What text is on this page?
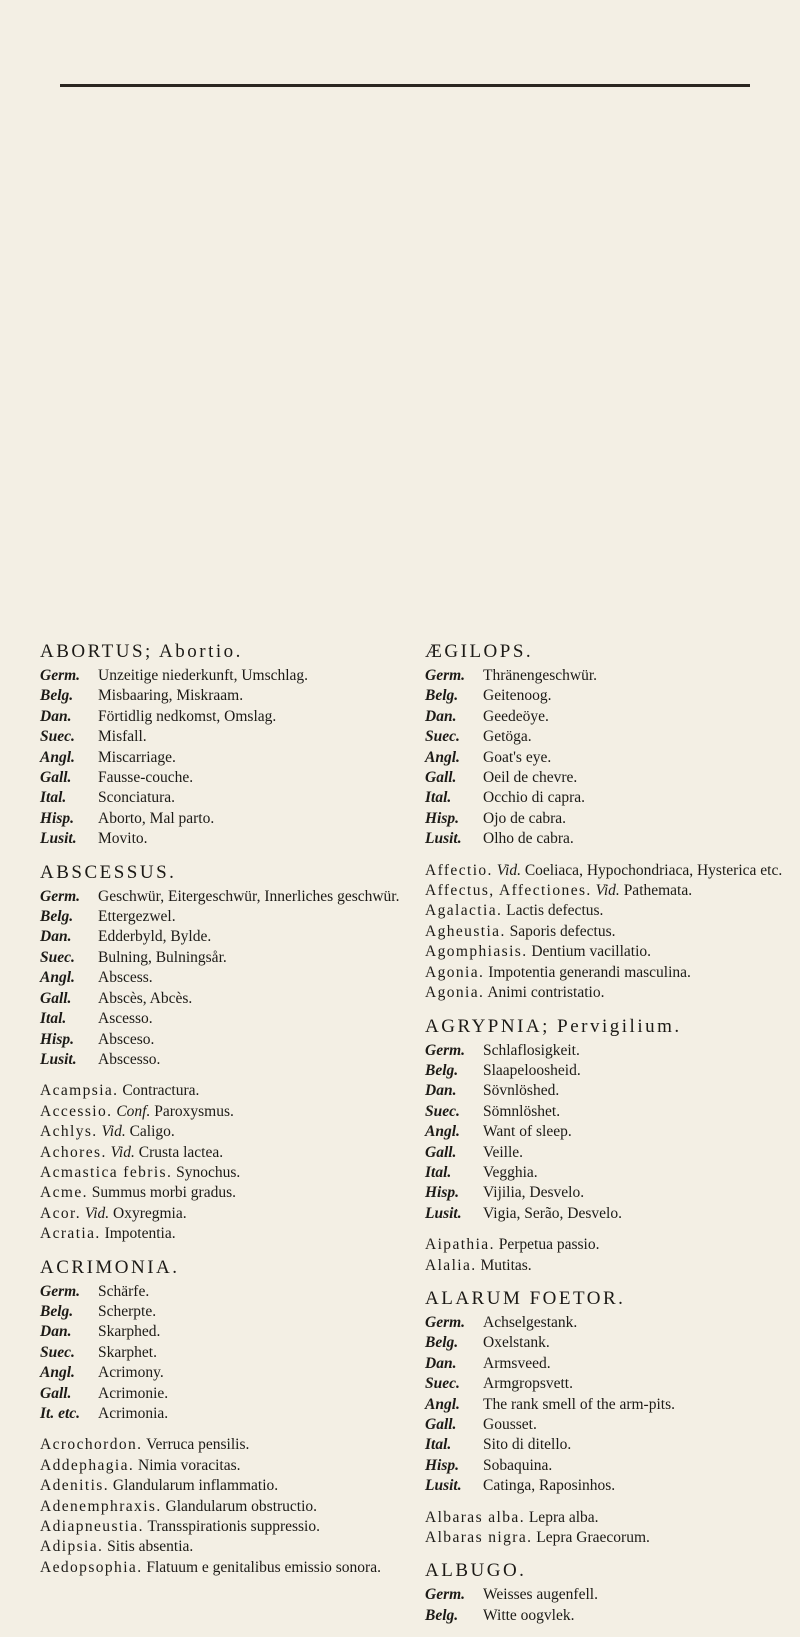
ABORTUS; Abortio.
Germ.	Unzeitige niederkunft, Umschlag.
Belg.	Misbaaring, Miskraam.
Dan.	Förtidlig nedkomst, Omslag.
Suec.	Misfall.
Angl.	Miscarriage.
Gall.	Fausse-couche.
Ital.	Sconciatura.
Hisp.	Aborto, Mal parto.
Lusit.	Movito.
ABSCESSUS.
Germ.	Geschwür, Eitergeschwür, Innerliches geschwür.
Belg.	Ettergezwel.
Dan.	Edderbyld, Bylde.
Suec.	Bulning, Bulningsår.
Angl.	Abscess.
Gall.	Abscès, Abcès.
Ital.	Ascesso.
Hisp.	Absceso.
Lusit.	Abscesso.
Acampsia. Contractura.
Accessio. Conf. Paroxysmus.
Achlys. Vid. Caligo.
Achores. Vid. Crusta lactea.
Acmastica febris. Synochus.
Acme. Summus morbi gradus.
Acor. Vid. Oxyregmia.
Acratia. Impotentia.
ACRIMONIA.
Germ.	Schärfe.
Belg.	Scherpte.
Dan.	Skarphed.
Suec.	Skarphet.
Angl.	Acrimony.
Gall.	Acrimonie.
It. etc.	Acrimonia.
Acrochordon. Verruca pensilis.
Addephagia. Nimia voracitas.
Adenitis. Glandularum inflammatio.
Adenemphraxis. Glandularum obstructio.
Adiapneustia. Transspirationis suppressio.
Adipsia. Sitis absentia.
Aedopsophia. Flatuum e genitalibus emissio sonora.
ÆGILOPS.
Germ.	Thränengeschwür.
Belg.	Geitenoog.
Dan.	Geedeöye.
Suec.	Getöga.
Angl.	Goat's eye.
Gall.	Oeil de chevre.
Ital.	Occhio di capra.
Hisp.	Ojo de cabra.
Lusit.	Olho de cabra.
Affectio. Vid. Coeliaca, Hypochondriaca, Hysterica etc.
Affectus, Affectiones. Vid. Pathemata.
Agalactia. Lactis defectus.
Agheustia. Saporis defectus.
Agomphiasis. Dentium vacillatio.
Agonia. Impotentia generandi masculina.
Agonia. Animi contristatio.
AGRYPNIA; Pervigilium.
Germ.	Schlaflosigkeit.
Belg.	Slaapeloosheid.
Dan.	Sövnlöshed.
Suec.	Sömnlöshet.
Angl.	Want of sleep.
Gall.	Veille.
Ital.	Vegghia.
Hisp.	Vijilia, Desvelo.
Lusit.	Vigia, Serão, Desvelo.
Aipathia. Perpetua passio.
Alalia. Mutitas.
ALARUM FOETOR.
Germ.	Achselgestank.
Belg.	Oxelstank.
Dan.	Armsveed.
Suec.	Armgropsvett.
Angl.	The rank smell of the arm-pits.
Gall.	Gousset.
Ital.	Sito di ditello.
Hisp.	Sobaquina.
Lusit.	Catinga, Raposinhos.
Albaras alba. Lepra alba.
Albaras nigra. Lepra Graecorum.
ALBUGO.
Germ.	Weisses augenfell.
Belg.	Witte oogvlek.
